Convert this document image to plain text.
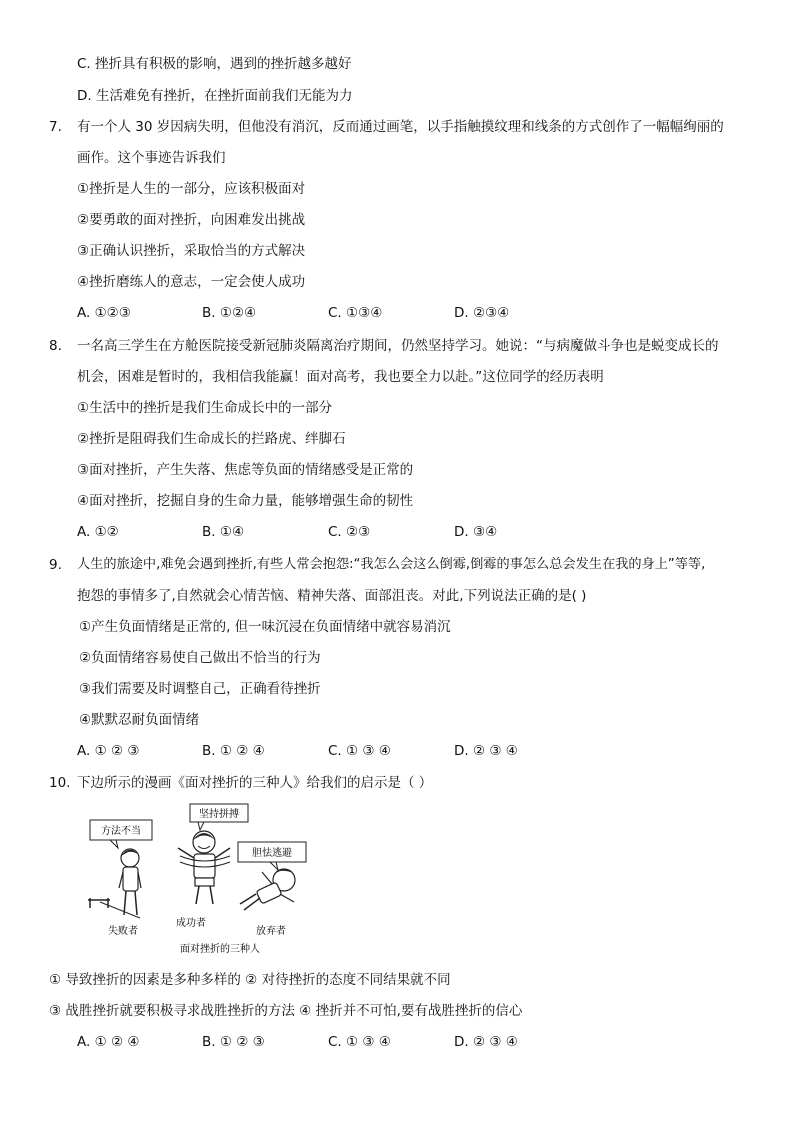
C. 挫折具有积极的影响，遇到的挫折越多越好
D. 生活难免有挫折，在挫折面前我们无能为力
7. 有一个人 30 岁因病失明，但他没有消沉，反而通过画笔，以手指触摸纹理和线条的方式创作了一幅幅绚丽的
画作。这个事迹告诉我们
①挫折是人生的一部分，应该积极面对
②要勇敢的面对挫折，向困难发出挑战
③正确认识挫折，采取恰当的方式解决
④挫折磨练人的意志，一定会使人成功
A. ①②③	B. ①②④	C. ①③④	D. ②③④
8. 一名高三学生在方舱医院接受新冠肺炎隔离治疗期间，仍然坚持学习。她说：“与病魔做斗争也是蜕变成长的
机会，困难是暂时的，我相信我能赢！面对高考，我也要全力以赴。”这位同学的经历表明
①生活中的挫折是我们生命成长中的一部分
②挫折是阻碍我们生命成长的拦路虎、绊脚石
③面对挫折，产生失落、焦虑等负面的情绪感受是正常的
④面对挫折，挖掘自身的生命力量，能够增强生命的韧性
A. ①②	B. ①④	C. ②③	D. ③④
9. 人生的旅途中,难免会遇到挫折,有些人常会抱怨:“我怎么会这么倒霉,倒霉的事怎么总会发生在我的身上”等等,
抱怨的事情多了,自然就会心情苦恼、精神失落、面部沮丧。对此,下列说法正确的是( )
①产生负面情绪是正常的, 但一味沉浸在负面情绪中就容易消沉
②负面情绪容易使自己做出不恰当的行为
③我们需要及时调整自己，正确看待挫折
④默默忍耐负面情绪
A. ① ② ③	B. ① ② ④	C. ① ③ ④	D. ② ③ ④
10. 下边所示的漫画《面对挫折的三种人》给我们的启示是（ ）
方法不当
坚持拼搏
胆怯逃避
失败者
成功者
放弃者
面对挫折的三种人
① 导致挫折的因素是多种多样的 ② 对待挫折的态度不同结果就不同
③ 战胜挫折就要积极寻求战胜挫折的方法 ④ 挫折并不可怕,要有战胜挫折的信心
A. ① ② ④	B. ① ② ③	C. ① ③ ④	D. ② ③ ④
